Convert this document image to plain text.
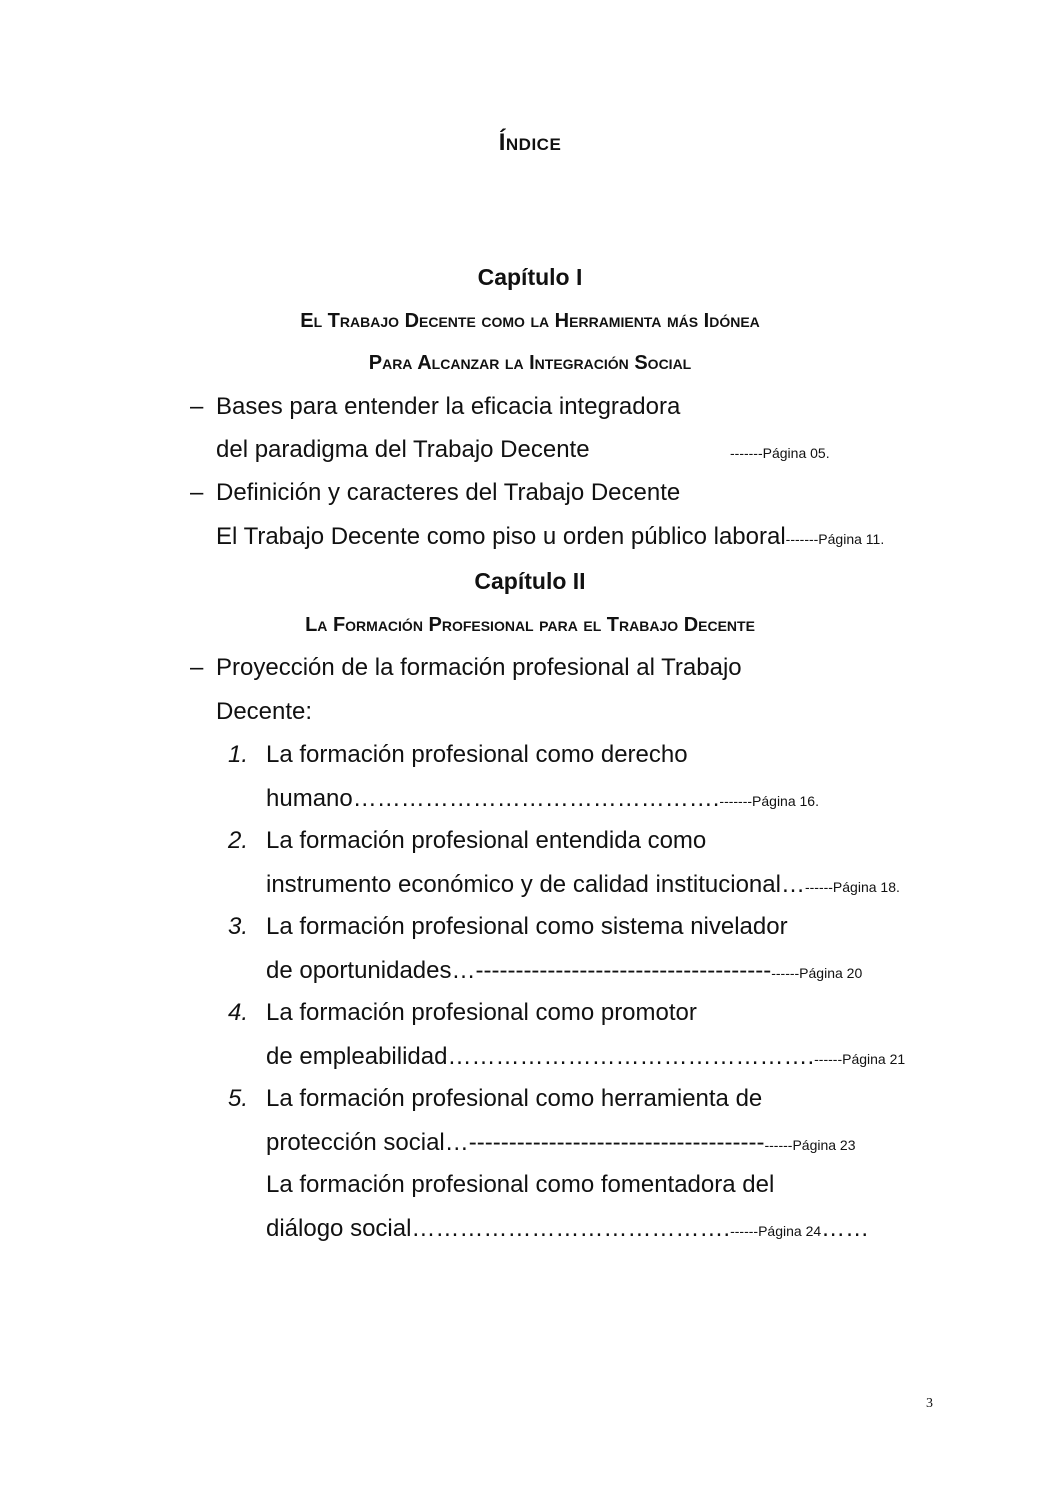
Índice
Capítulo I
El Trabajo Decente como la Herramienta más Idónea
Para Alcanzar la Integración Social
– Bases para entender la eficacia integradora
del paradigma del Trabajo Decente	-------Página 05.
– Definición y caracteres del Trabajo Decente
El Trabajo Decente como piso u orden público laboral-------Página 11.
Capítulo II
La Formación Profesional para el Trabajo Decente
– Proyección de la formación profesional al Trabajo
Decente:
1. La formación profesional como derecho
humano……………………………………….-------Página 16.
2. La formación profesional entendida como
instrumento económico y de calidad institucional…------Página 18.
3. La formación profesional como sistema nivelador
de oportunidades…-------------------------------------------Página 20
4. La formación profesional como promotor
de empleabilidad……………………………………….------Página 21
5. La formación profesional como herramienta de
protección social…-------------------------------------------Página 23
La formación profesional como fomentadora del
diálogo social………………………………….------Página 24……
3
